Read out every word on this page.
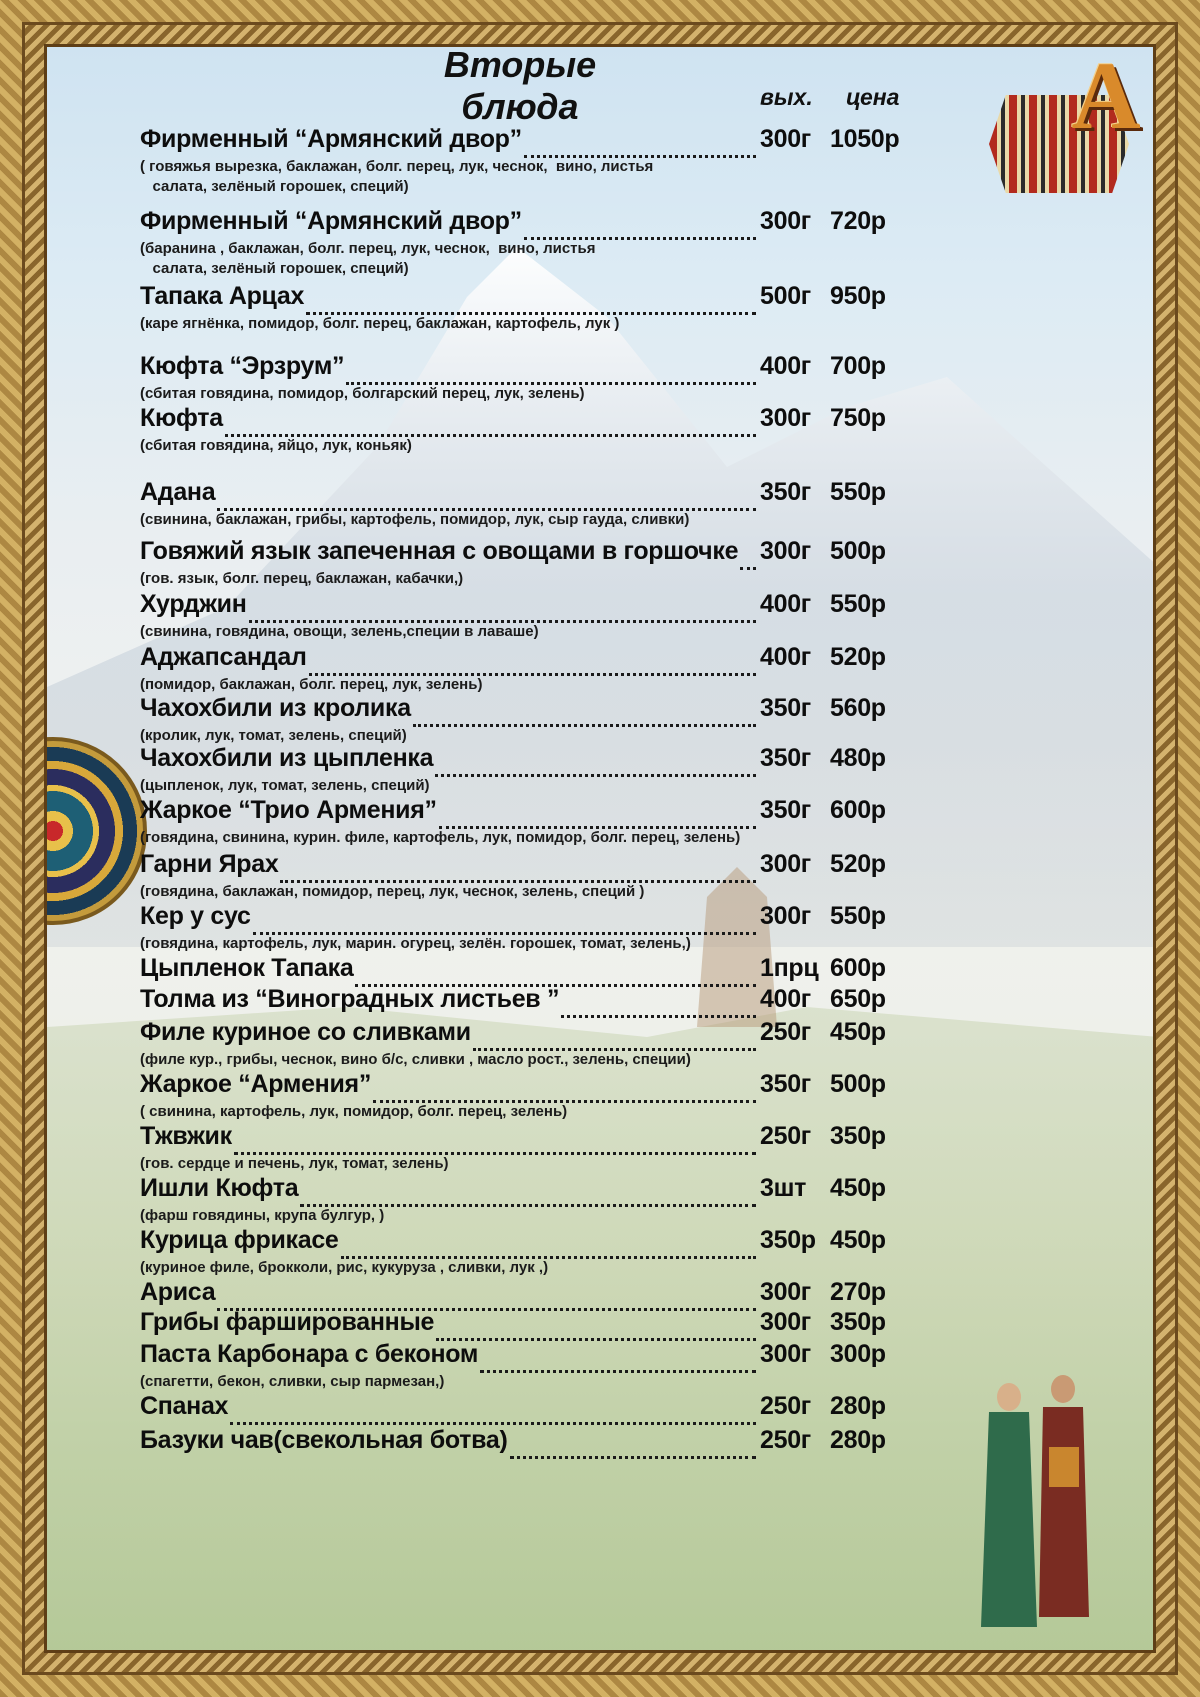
А
Вторые блюда	вых. цена
Фирменный “Армянский двор”	300г 1050р
( говяжья вырезка, баклажан, болг. перец, лук, чеснок,  вино, листья
салата, зелёный горошек, специй)
Фирменный “Армянский двор”	300г 720р
(баранина , баклажан, болг. перец, лук, чеснок,  вино, листья
салата, зелёный горошек, специй)
Тапака Арцах	500г 950р
(каре ягнёнка, помидор, болг. перец, баклажан, картофель, лук )
Кюфта “Эрзрум”	400г 700р
(сбитая говядина, помидор, болгарский перец, лук, зелень)
Кюфта	300г 750р
(сбитая говядина, яйцо, лук, коньяк)
Адана	350г 550р
(свинина, баклажан, грибы, картофель, помидор, лук, сыр гауда, сливки)
Говяжий язык запеченная с овощами в горшочке 300г 500р
(гов. язык, болг. перец, баклажан, кабачки,)
Хурджин	400г 550р
(свинина, говядина, овощи, зелень,специи в лаваше)
Аджапсандал	400г 520р
(помидор, баклажан, болг. перец, лук, зелень)
Чахохбили из кролика	350г 560р
(кролик, лук, томат, зелень, специй)
Чахохбили из цыпленка	350г 480р
(цыпленок, лук, томат, зелень, специй)
Жаркое “Трио Армения”	350г 600р
(говядина, свинина, курин. филе, картофель, лук, помидор, болг. перец, зелень)
Гарни Ярах	300г 520р
(говядина, баклажан, помидор, перец, лук, чеснок, зелень, специй )
Кер у сус	300г 550р
(говядина, картофель, лук, марин. огурец, зелён. горошек, томат, зелень,)
Цыпленок Тапака	1прц 600р
Толма из “Виноградных листьев ”	400г 650р
Филе куриное со сливками	250г 450р
(филе кур., грибы, чеснок, вино б/с, сливки , масло рост., зелень, специи)
Жаркое “Армения”	350г 500р
( свинина, картофель, лук, помидор, болг. перец, зелень)
Тжвжик	250г 350р
(гов. сердце и печень, лук, томат, зелень)
Ишли Кюфта	3шт 450р
(фарш говядины, крупа булгур, )
Курица фрикасе	350р 450р
(куриное филе, брокколи, рис, кукуруза , сливки, лук ,)
Ариса	300г 270р
Грибы фаршированные	300г 350р
Паста Карбонара с беконом	300г 300р
(спагетти, бекон, сливки, сыр пармезан,)
Спанах	250г 280р
Базуки чав(свекольная ботва)	250г 280р
